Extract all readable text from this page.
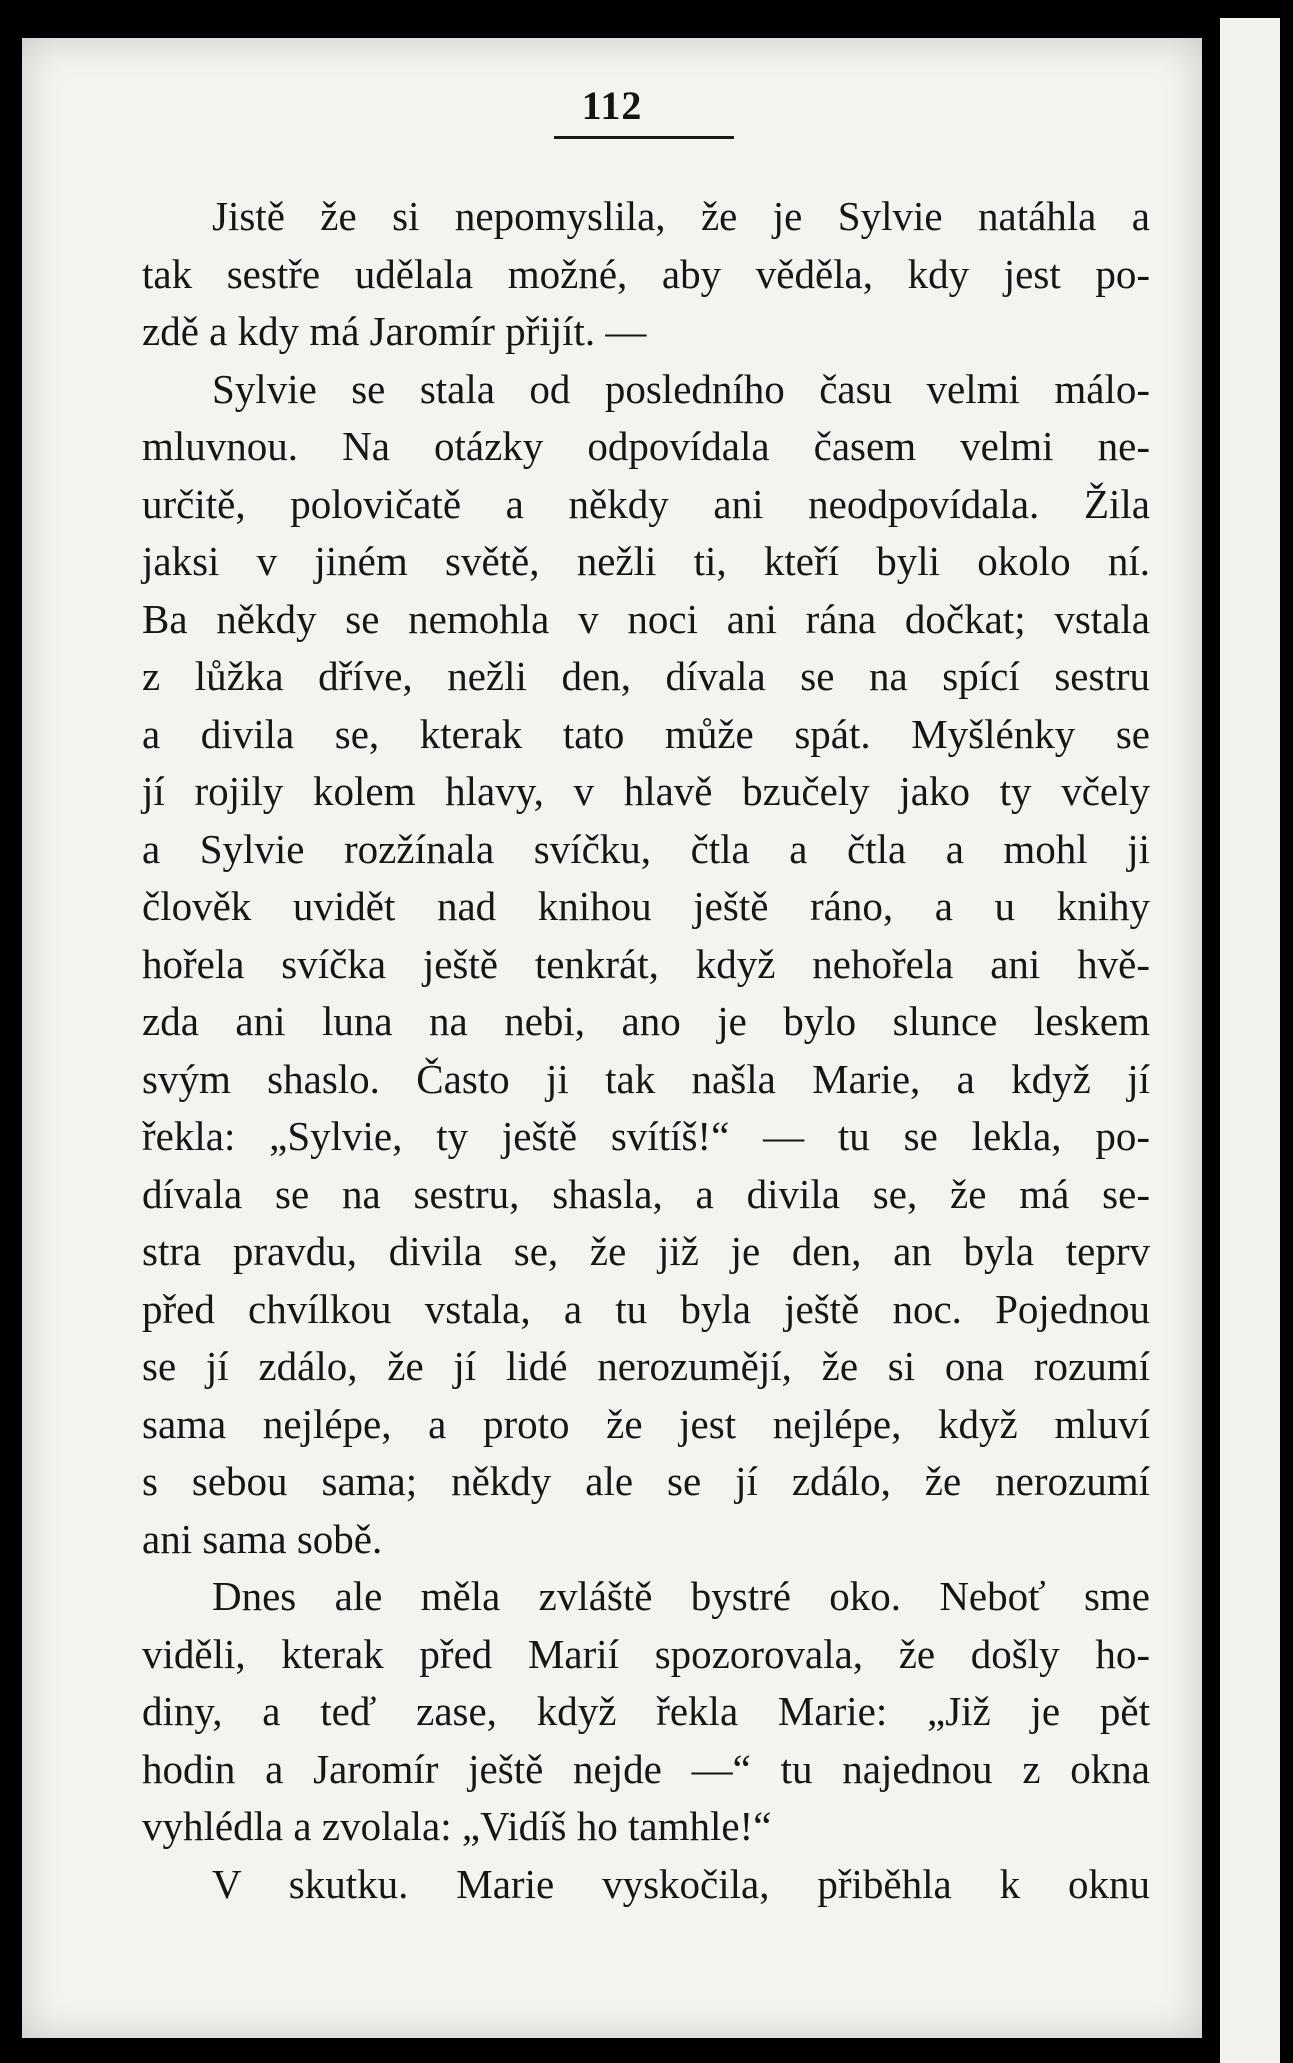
112
Jistě že si nepomyslila, že je Sylvie natáhla a
tak sestře udělala možné, aby věděla, kdy jest po-
zdě a kdy má Jaromír přijít. —
Sylvie se stala od posledního času velmi málo-
mluvnou. Na otázky odpovídala časem velmi ne-
určitě, polovičatě a někdy ani neodpovídala. Žila
jaksi v jiném světě, nežli ti, kteří byli okolo ní.
Ba někdy se nemohla v noci ani rána dočkat; vstala
z lůžka dříve, nežli den, dívala se na spící sestru
a divila se, kterak tato může spát. Myšlénky se
jí rojily kolem hlavy, v hlavě bzučely jako ty včely
a Sylvie rozžínala svíčku, čtla a čtla a mohl ji
člověk uvidět nad knihou ještě ráno, a u knihy
hořela svíčka ještě tenkrát, když nehořela ani hvě-
zda ani luna na nebi, ano je bylo slunce leskem
svým shaslo. Často ji tak našla Marie, a když jí
řekla: „Sylvie, ty ještě svítíš!“ — tu se lekla, po-
dívala se na sestru, shasla, a divila se, že má se-
stra pravdu, divila se, že již je den, an byla teprv
před chvílkou vstala, a tu byla ještě noc. Pojednou
se jí zdálo, že jí lidé nerozumějí, že si ona rozumí
sama nejlépe, a proto že jest nejlépe, když mluví
s sebou sama; někdy ale se jí zdálo, že nerozumí
ani sama sobě.
Dnes ale měla zvláště bystré oko. Neboť sme
viděli, kterak před Marií spozorovala, že došly ho-
diny, a teď zase, když řekla Marie: „Již je pět
hodin a Jaromír ještě nejde —“ tu najednou z okna
vyhlédla a zvolala: „Vidíš ho tamhle!“
V skutku. Marie vyskočila, přiběhla k oknu
